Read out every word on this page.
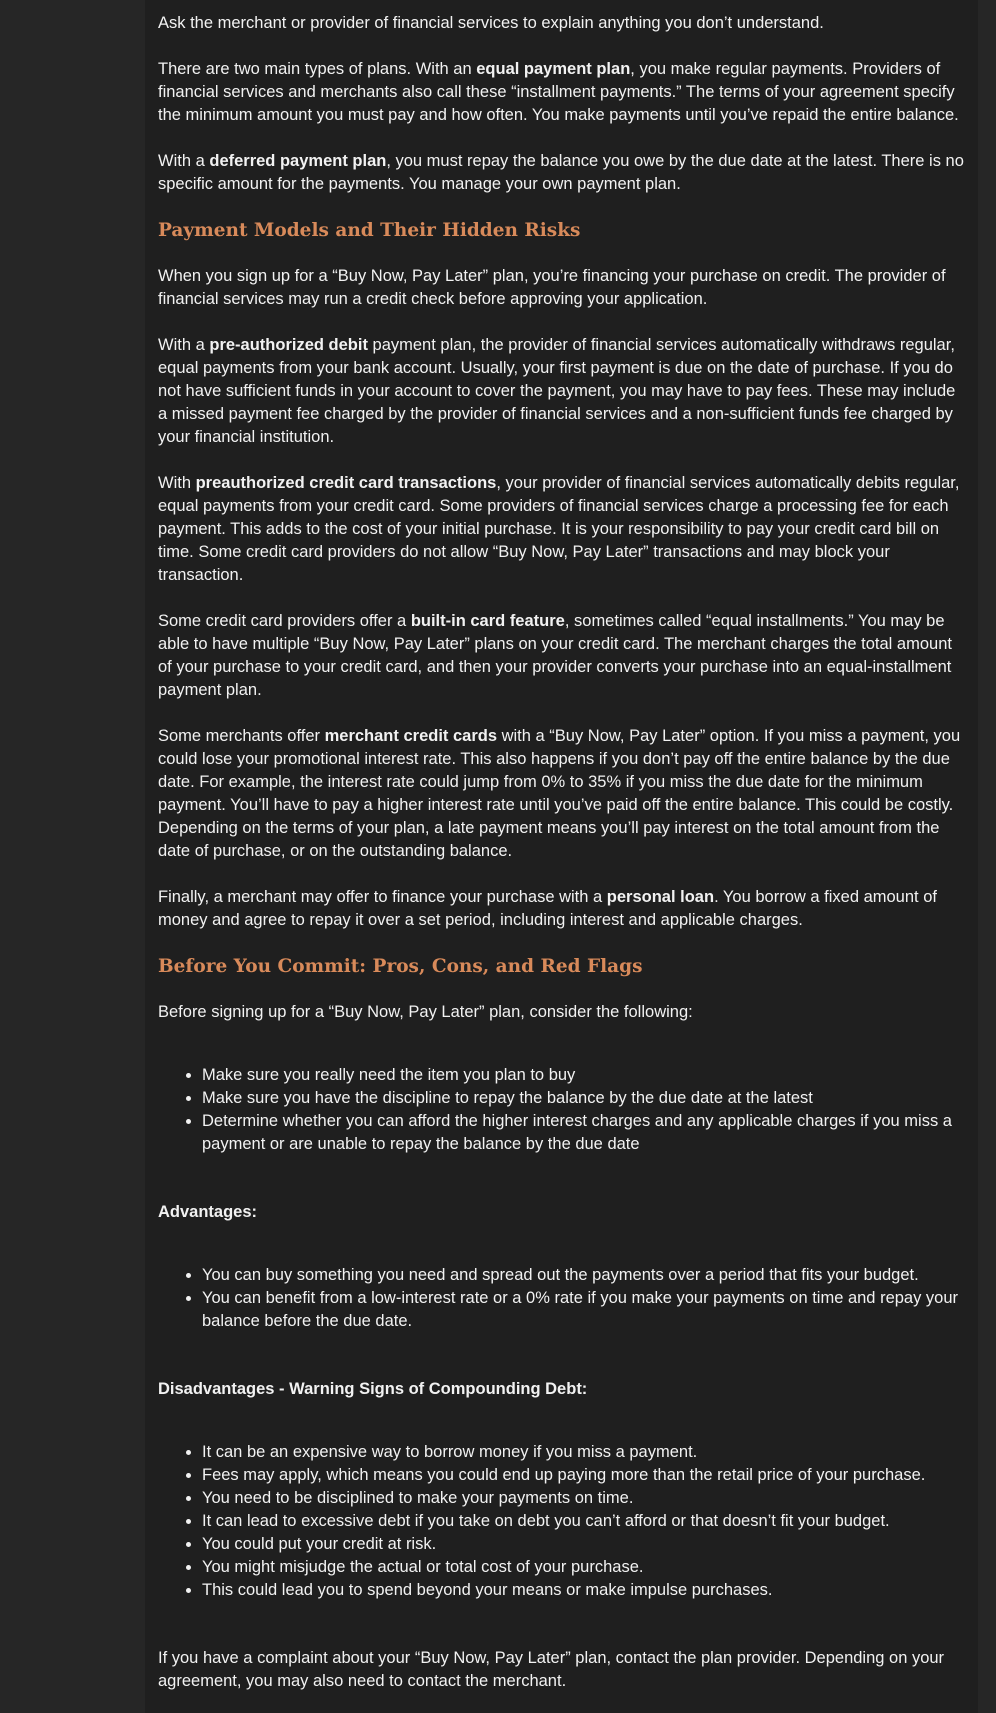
Ask the merchant or provider of financial services to explain anything you don’t understand.

There are two main types of plans. With an equal payment plan, you make regular payments. Providers of financial services and merchants also call these “installment payments.” The terms of your agreement specify the minimum amount you must pay and how often. You make payments until you’ve repaid the entire balance.

With a deferred payment plan, you must repay the balance you owe by the due date at the latest. There is no specific amount for the payments. You manage your own payment plan.

Payment Models and Their Hidden Risks

When you sign up for a “Buy Now, Pay Later” plan, you’re financing your purchase on credit. The provider of financial services may run a credit check before approving your application.

With a pre-authorized debit payment plan, the provider of financial services automatically withdraws regular, equal payments from your bank account. Usually, your first payment is due on the date of purchase. If you do not have sufficient funds in your account to cover the payment, you may have to pay fees. These may include a missed payment fee charged by the provider of financial services and a non-sufficient funds fee charged by your financial institution.

With preauthorized credit card transactions, your provider of financial services automatically debits regular, equal payments from your credit card. Some providers of financial services charge a processing fee for each payment. This adds to the cost of your initial purchase. It is your responsibility to pay your credit card bill on time. Some credit card providers do not allow “Buy Now, Pay Later” transactions and may block your transaction.

Some credit card providers offer a built-in card feature, sometimes called “equal installments.” You may be able to have multiple “Buy Now, Pay Later” plans on your credit card. The merchant charges the total amount of your purchase to your credit card, and then your provider converts your purchase into an equal-installment payment plan.

Some merchants offer merchant credit cards with a “Buy Now, Pay Later” option. If you miss a payment, you could lose your promotional interest rate. This also happens if you don’t pay off the entire balance by the due date. For example, the interest rate could jump from 0% to 35% if you miss the due date for the minimum payment. You’ll have to pay a higher interest rate until you’ve paid off the entire balance. This could be costly. Depending on the terms of your plan, a late payment means you’ll pay interest on the total amount from the date of purchase, or on the outstanding balance.

Finally, a merchant may offer to finance your purchase with a personal loan. You borrow a fixed amount of money and agree to repay it over a set period, including interest and applicable charges.

Before You Commit: Pros, Cons, and Red Flags

Before signing up for a “Buy Now, Pay Later” plan, consider the following:

• Make sure you really need the item you plan to buy
• Make sure you have the discipline to repay the balance by the due date at the latest
• Determine whether you can afford the higher interest charges and any applicable charges if you miss a payment or are unable to repay the balance by the due date

Advantages:

• You can buy something you need and spread out the payments over a period that fits your budget.
• You can benefit from a low-interest rate or a 0% rate if you make your payments on time and repay your balance before the due date.

Disadvantages - Warning Signs of Compounding Debt:

• It can be an expensive way to borrow money if you miss a payment.
• Fees may apply, which means you could end up paying more than the retail price of your purchase.
• You need to be disciplined to make your payments on time.
• It can lead to excessive debt if you take on debt you can’t afford or that doesn’t fit your budget.
• You could put your credit at risk.
• You might misjudge the actual or total cost of your purchase.
• This could lead you to spend beyond your means or make impulse purchases.

If you have a complaint about your “Buy Now, Pay Later” plan, contact the plan provider. Depending on your agreement, you may also need to contact the merchant.
